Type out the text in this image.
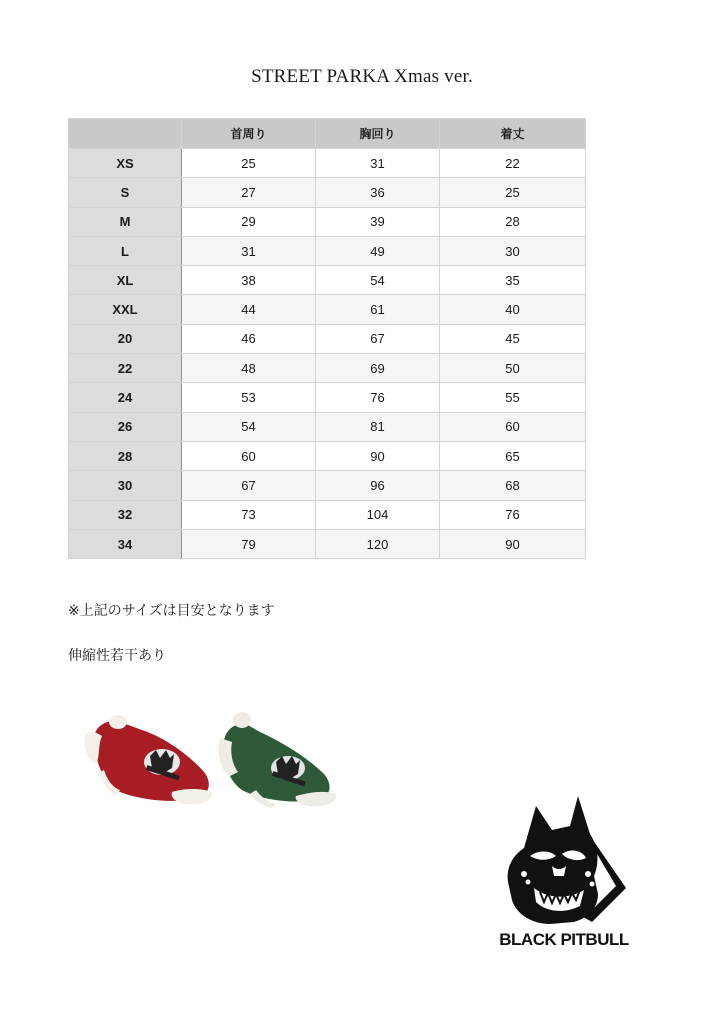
STREET PARKA Xmas ver.
	首周り	胸回り	着丈
XS	25	31	22
S	27	36	25
M	29	39	28
L	31	49	30
XL	38	54	35
XXL	44	61	40
20	46	67	45
22	48	69	50
24	53	76	55
26	54	81	60
28	60	90	65
30	67	96	68
32	73	104	76
34	79	120	90
※上記のサイズは目安となります
伸縮性若干あり
BLACK PITBULL
